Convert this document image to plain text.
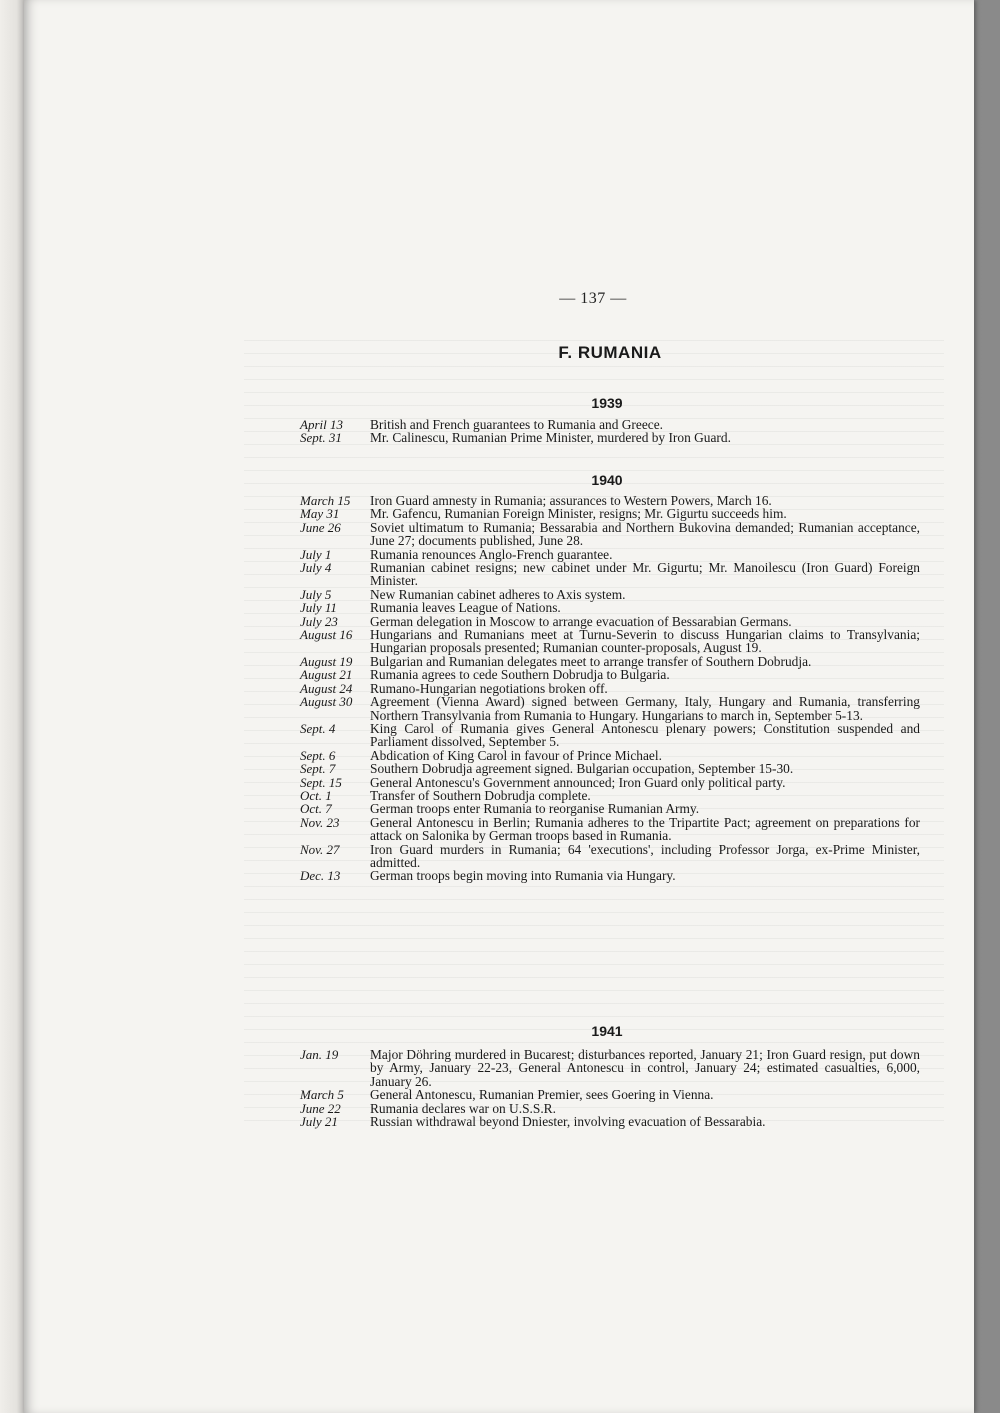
— 137 —
F. RUMANIA
1939
April 13	British and French guarantees to Rumania and Greece.
Sept. 31	Mr. Calinescu, Rumanian Prime Minister, murdered by Iron Guard.
1940
March 15	Iron Guard amnesty in Rumania; assurances to Western Powers, March 16.
May 31	Mr. Gafencu, Rumanian Foreign Minister, resigns; Mr. Gigurtu succeeds him.
June 26	Soviet ultimatum to Rumania; Bessarabia and Northern Bukovina demanded; Rumanian acceptance, June 27; documents published, June 28.
July 1	Rumania renounces Anglo-French guarantee.
July 4	Rumanian cabinet resigns; new cabinet under Mr. Gigurtu; Mr. Manoilescu (Iron Guard) Foreign Minister.
July 5	New Rumanian cabinet adheres to Axis system.
July 11	Rumania leaves League of Nations.
July 23	German delegation in Moscow to arrange evacuation of Bessarabian Germans.
August 16	Hungarians and Rumanians meet at Turnu-Severin to discuss Hungarian claims to Transylvania; Hungarian proposals presented; Rumanian counter-proposals, August 19.
August 19	Bulgarian and Rumanian delegates meet to arrange transfer of Southern Dobrudja.
August 21	Rumania agrees to cede Southern Dobrudja to Bulgaria.
August 24	Rumano-Hungarian negotiations broken off.
August 30	Agreement (Vienna Award) signed between Germany, Italy, Hungary and Rumania, transferring Northern Transylvania from Rumania to Hungary. Hungarians to march in, September 5-13.
Sept. 4	King Carol of Rumania gives General Antonescu plenary powers; Constitution suspended and Parliament dissolved, September 5.
Sept. 6	Abdication of King Carol in favour of Prince Michael.
Sept. 7	Southern Dobrudja agreement signed. Bulgarian occupation, September 15-30.
Sept. 15	General Antonescu's Government announced; Iron Guard only political party.
Oct. 1	Transfer of Southern Dobrudja complete.
Oct. 7	German troops enter Rumania to reorganise Rumanian Army.
Nov. 23	General Antonescu in Berlin; Rumania adheres to the Tripartite Pact; agreement on preparations for attack on Salonika by German troops based in Rumania.
Nov. 27	Iron Guard murders in Rumania; 64 'executions', including Professor Jorga, ex-Prime Minister, admitted.
Dec. 13	German troops begin moving into Rumania via Hungary.
1941
Jan. 19	Major Döhring murdered in Bucarest; disturbances reported, January 21; Iron Guard resign, put down by Army, January 22-23, General Antonescu in control, January 24; estimated casualties, 6,000, January 26.
March 5	General Antonescu, Rumanian Premier, sees Goering in Vienna.
June 22	Rumania declares war on U.S.S.R.
July 21	Russian withdrawal beyond Dniester, involving evacuation of Bessarabia.
